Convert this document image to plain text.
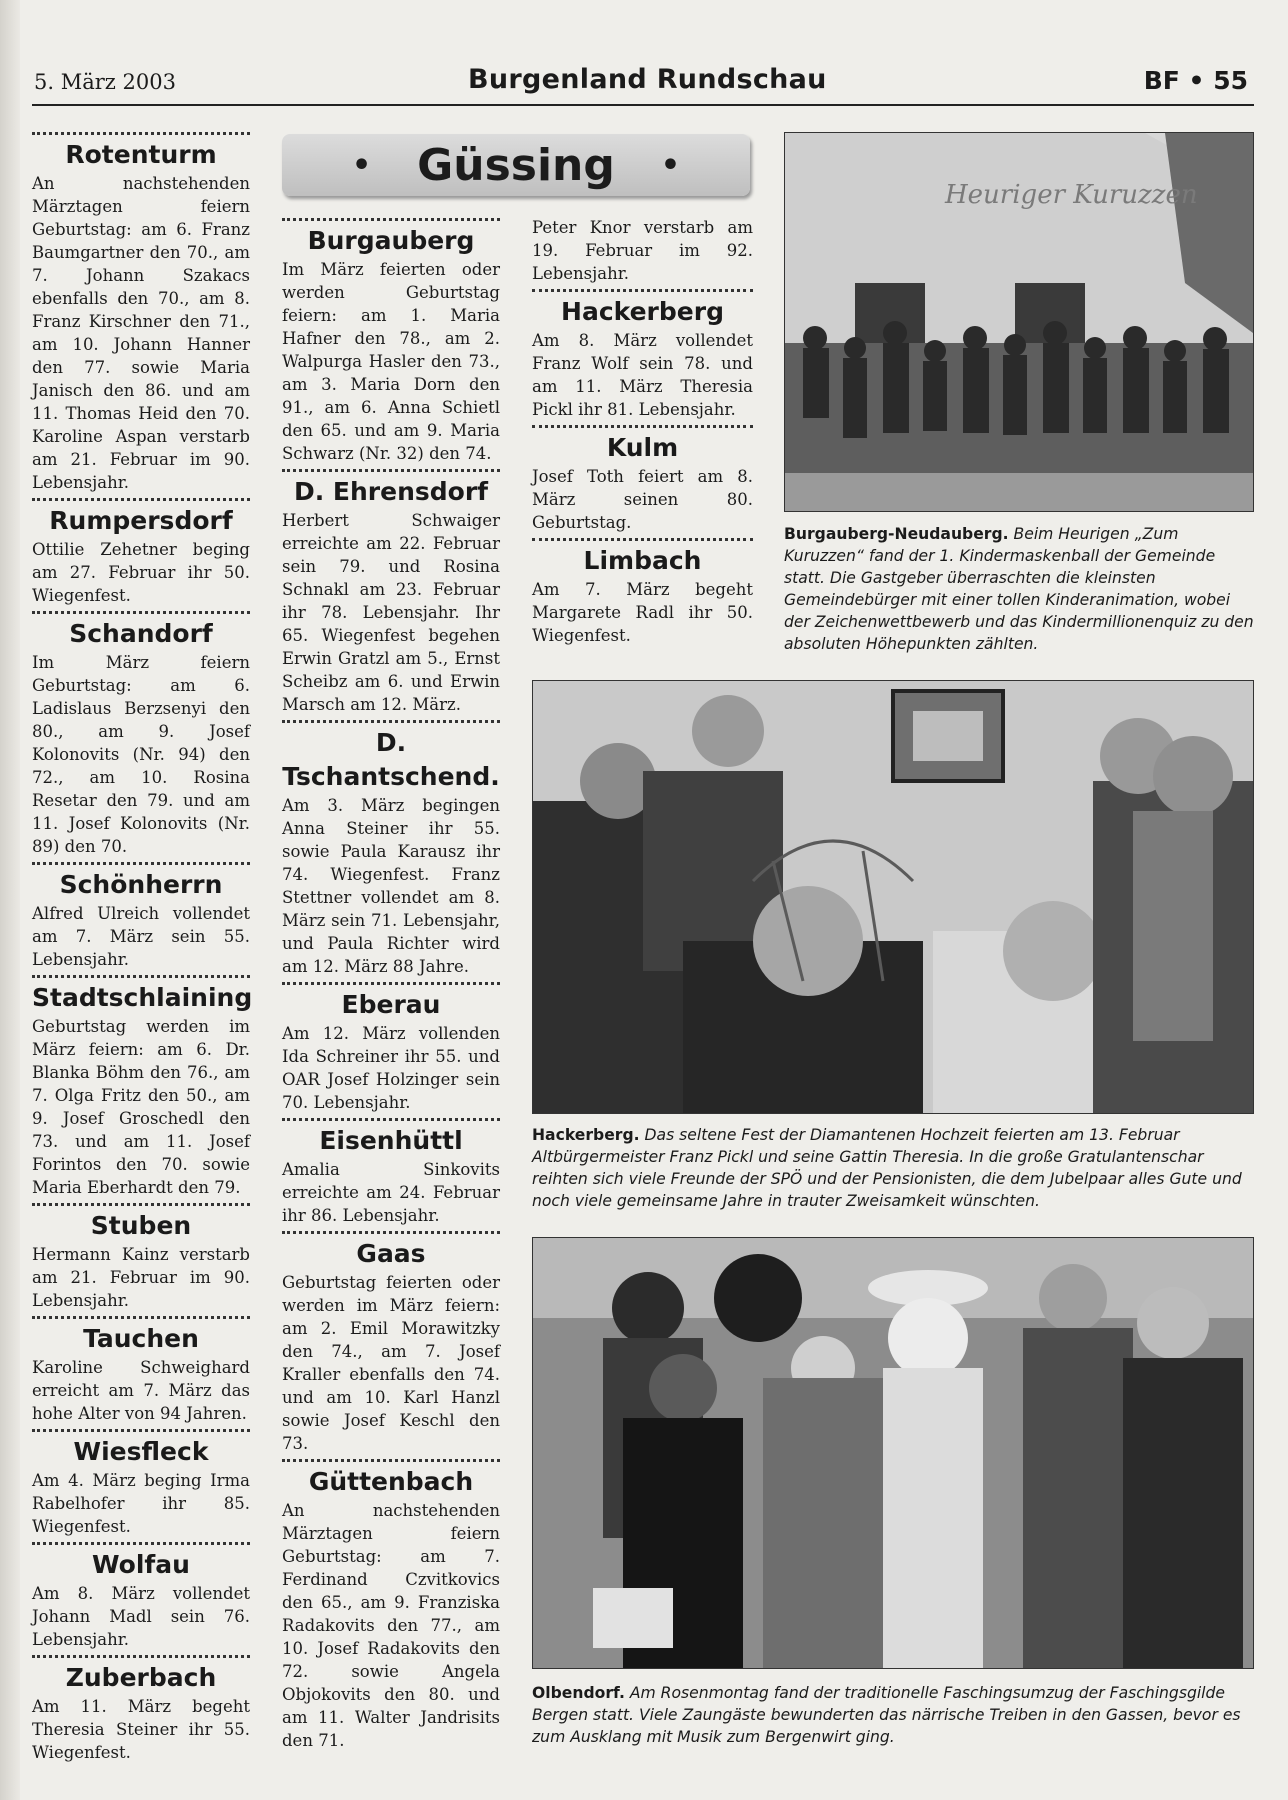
5. März 2003	Burgenland Rundschau	BF • 55
• Güssing •
Rotenturm

An nachstehenden Märztagen feiern Geburtstag: am 6. Franz Baumgartner den 70., am 7. Johann Szakacs ebenfalls den 70., am 8. Franz Kirschner den 71., am 10. Johann Hanner den 77. sowie Maria Janisch den 86. und am 11. Thomas Heid den 70. Karoline Aspan verstarb am 21. Februar im 90. Lebensjahr.

Rumpersdorf

Ottilie Zehetner beging am 27. Februar ihr 50. Wiegenfest.

Schandorf

Im März feiern Geburtstag: am 6. Ladislaus Berzsenyi den 80., am 9. Josef Kolonovits (Nr. 94) den 72., am 10. Rosina Resetar den 79. und am 11. Josef Kolonovits (Nr. 89) den 70.

Schönherrn

Alfred Ulreich vollendet am 7. März sein 55. Lebensjahr.

Stadtschlaining

Geburtstag werden im März feiern: am 6. Dr. Blanka Böhm den 76., am 7. Olga Fritz den 50., am 9. Josef Groschedl den 73. und am 11. Josef Forintos den 70. sowie Maria Eberhardt den 79.

Stuben

Hermann Kainz verstarb am 21. Februar im 90. Lebensjahr.

Tauchen

Karoline Schweighard erreicht am 7. März das hohe Alter von 94 Jahren.

Wiesfleck

Am 4. März beging Irma Rabelhofer ihr 85. Wiegenfest.

Wolfau

Am 8. März vollendet Johann Madl sein 76. Lebensjahr.

Zuberbach

Am 11. März begeht Theresia Steiner ihr 55. Wiegenfest.

Burgauberg

Im März feierten oder werden Geburtstag feiern: am 1. Maria Hafner den 78., am 2. Walpurga Hasler den 73., am 3. Maria Dorn den 91., am 6. Anna Schietl den 65. und am 9. Maria Schwarz (Nr. 32) den 74.

D. Ehrensdorf

Herbert Schwaiger erreichte am 22. Februar sein 79. und Rosina Schnakl am 23. Februar ihr 78. Lebensjahr. Ihr 65. Wiegenfest begehen Erwin Gratzl am 5., Ernst Scheibz am 6. und Erwin Marsch am 12. März.

D. Tschantschend.

Am 3. März begingen Anna Steiner ihr 55. sowie Paula Karausz ihr 74. Wiegenfest. Franz Stettner vollendet am 8. März sein 71. Lebensjahr, und Paula Richter wird am 12. März 88 Jahre.

Eberau

Am 12. März vollenden Ida Schreiner ihr 55. und OAR Josef Holzinger sein 70. Lebensjahr.

Eisenhüttl

Amalia Sinkovits erreichte am 24. Februar ihr 86. Lebensjahr.

Gaas

Geburtstag feierten oder werden im März feiern: am 2. Emil Morawitzky den 74., am 7. Josef Kraller ebenfalls den 74. und am 10. Karl Hanzl sowie Josef Keschl den 73.

Güttenbach

An nachstehenden Märztagen feiern Geburtstag: am 7. Ferdinand Czvitkovics den 65., am 9. Franziska Radakovits den 77., am 10. Josef Radakovits den 72. sowie Angela Objokovits den 80. und am 11. Walter Jandrisits den 71.

Peter Knor verstarb am 19. Februar im 92. Lebensjahr.

Hackerberg

Am 8. März vollendet Franz Wolf sein 78. und am 11. März Theresia Pickl ihr 81. Lebensjahr.

Kulm

Josef Toth feiert am 8. März seinen 80. Geburtstag.

Limbach

Am 7. März begeht Margarete Radl ihr 50. Wiegenfest.

Heuriger Kuruzzen
Burgauberg-Neudauberg. Beim Heurigen „Zum Kuruzzen“ fand der 1. Kindermaskenball der Gemeinde statt. Die Gastgeber überraschten die kleinsten Gemeindebürger mit einer tollen Kinderanimation, wobei der Zeichenwettbewerb und das Kindermillionenquiz zu den absoluten Höhepunkten zählten.
Hackerberg. Das seltene Fest der Diamantenen Hochzeit feierten am 13. Februar Altbürgermeister Franz Pickl und seine Gattin Theresia. In die große Gratulantenschar reihten sich viele Freunde der SPÖ und der Pensionisten, die dem Jubelpaar alles Gute und noch viele gemeinsame Jahre in trauter Zweisamkeit wünschten.
Olbendorf. Am Rosenmontag fand der traditionelle Faschingsumzug der Faschingsgilde Bergen statt. Viele Zaungäste bewunderten das närrische Treiben in den Gassen, bevor es zum Ausklang mit Musik zum Bergenwirt ging.
